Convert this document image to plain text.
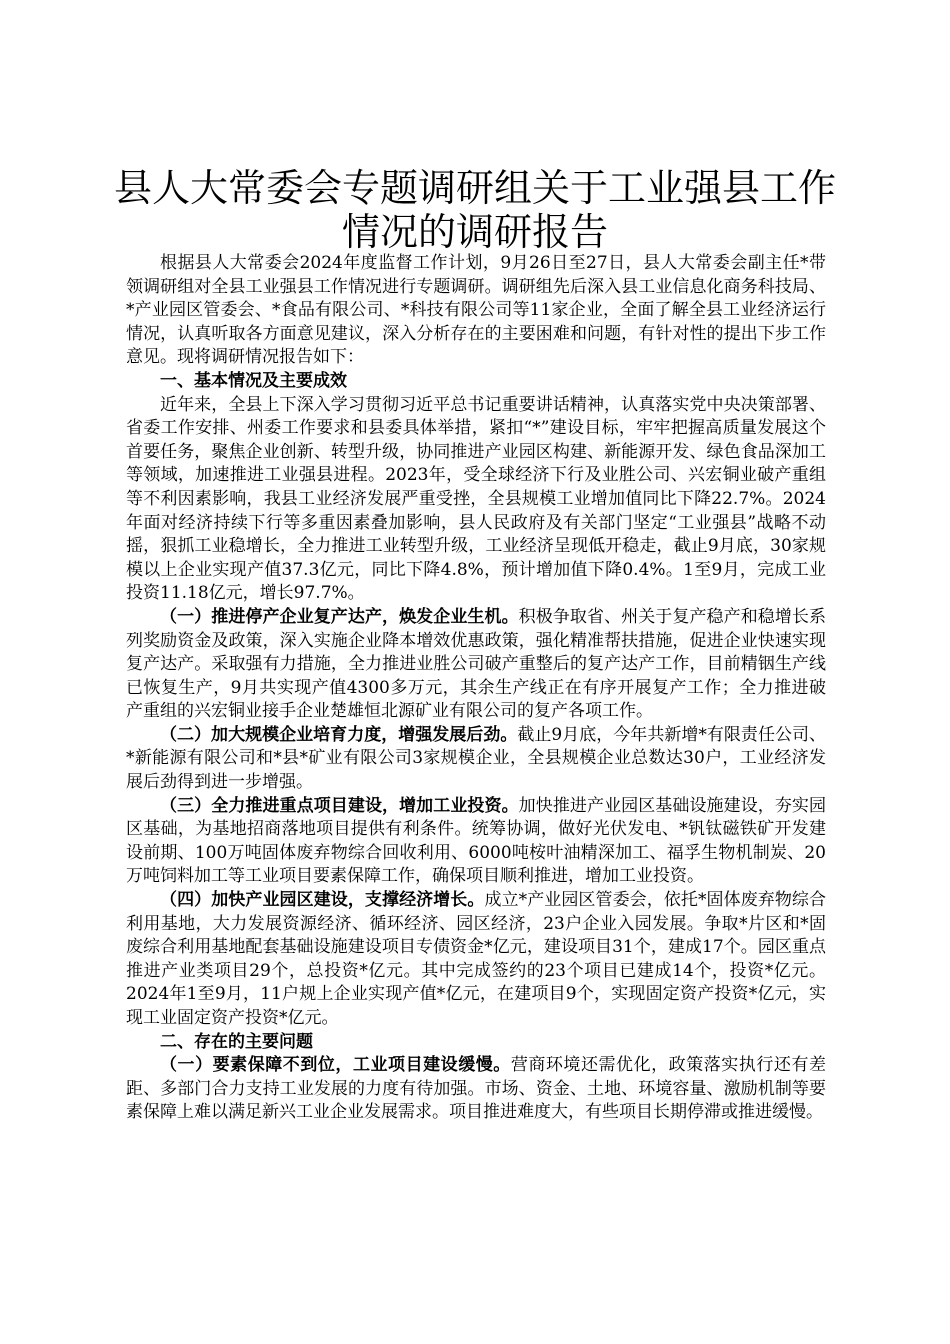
县人大常委会专题调研组关于工业强县工作情况的调研报告

根据县人大常委会2024年度监督工作计划，9月26日至27日，县人大常委会副主任*带领调研组对全县工业强县工作情况进行专题调研。调研组先后深入县工业信息化商务科技局、*产业园区管委会、*食品有限公司、*科技有限公司等11家企业，全面了解全县工业经济运行情况，认真听取各方面意见建议，深入分析存在的主要困难和问题，有针对性的提出下步工作意见。现将调研情况报告如下：

一、基本情况及主要成效

近年来，全县上下深入学习贯彻习近平总书记重要讲话精神，认真落实党中央决策部署、省委工作安排、州委工作要求和县委具体举措，紧扣“*”建设目标，牢牢把握高质量发展这个首要任务，聚焦企业创新、转型升级，协同推进产业园区构建、新能源开发、绿色食品深加工等领域，加速推进工业强县进程。2023年，受全球经济下行及业胜公司、兴宏铜业破产重组等不利因素影响，我县工业经济发展严重受挫，全县规模工业增加值同比下降22.7%。2024年面对经济持续下行等多重因素叠加影响，县人民政府及有关部门坚定“工业强县”战略不动摇，狠抓工业稳增长，全力推进工业转型升级，工业经济呈现低开稳走，截止9月底，30家规模以上企业实现产值37.3亿元，同比下降4.8%，预计增加值下降0.4%。1至9月，完成工业投资11.18亿元，增长97.7%。

（一）推进停产企业复产达产，焕发企业生机。积极争取省、州关于复产稳产和稳增长系列奖励资金及政策，深入实施企业降本增效优惠政策，强化精准帮扶措施，促进企业快速实现复产达产。采取强有力措施，全力推进业胜公司破产重整后的复产达产工作，目前精铟生产线已恢复生产，9月共实现产值4300多万元，其余生产线正在有序开展复产工作；全力推进破产重组的兴宏铜业接手企业楚雄恒北源矿业有限公司的复产各项工作。

（二）加大规模企业培育力度，增强发展后劲。截止9月底，今年共新增*有限责任公司、*新能源有限公司和*县*矿业有限公司3家规模企业，全县规模企业总数达30户，工业经济发展后劲得到进一步增强。

（三）全力推进重点项目建设，增加工业投资。加快推进产业园区基础设施建设，夯实园区基础，为基地招商落地项目提供有利条件。统筹协调，做好光伏发电、*钒钛磁铁矿开发建设前期、100万吨固体废弃物综合回收利用、6000吨桉叶油精深加工、福孚生物机制炭、20万吨饲料加工等工业项目要素保障工作，确保项目顺利推进，增加工业投资。

（四）加快产业园区建设，支撑经济增长。成立*产业园区管委会，依托*固体废弃物综合利用基地，大力发展资源经济、循环经济、园区经济，23户企业入园发展。争取*片区和*固废综合利用基地配套基础设施建设项目专债资金*亿元，建设项目31个，建成17个。园区重点推进产业类项目29个，总投资*亿元。其中完成签约的23个项目已建成14个，投资*亿元。2024年1至9月，11户规上企业实现产值*亿元，在建项目9个，实现固定资产投资*亿元，实现工业固定资产投资*亿元。

二、存在的主要问题

（一）要素保障不到位，工业项目建设缓慢。营商环境还需优化，政策落实执行还有差距、多部门合力支持工业发展的力度有待加强。市场、资金、土地、环境容量、激励机制等要素保障上难以满足新兴工业企业发展需求。项目推进难度大，有些项目长期停滞或推进缓慢。
